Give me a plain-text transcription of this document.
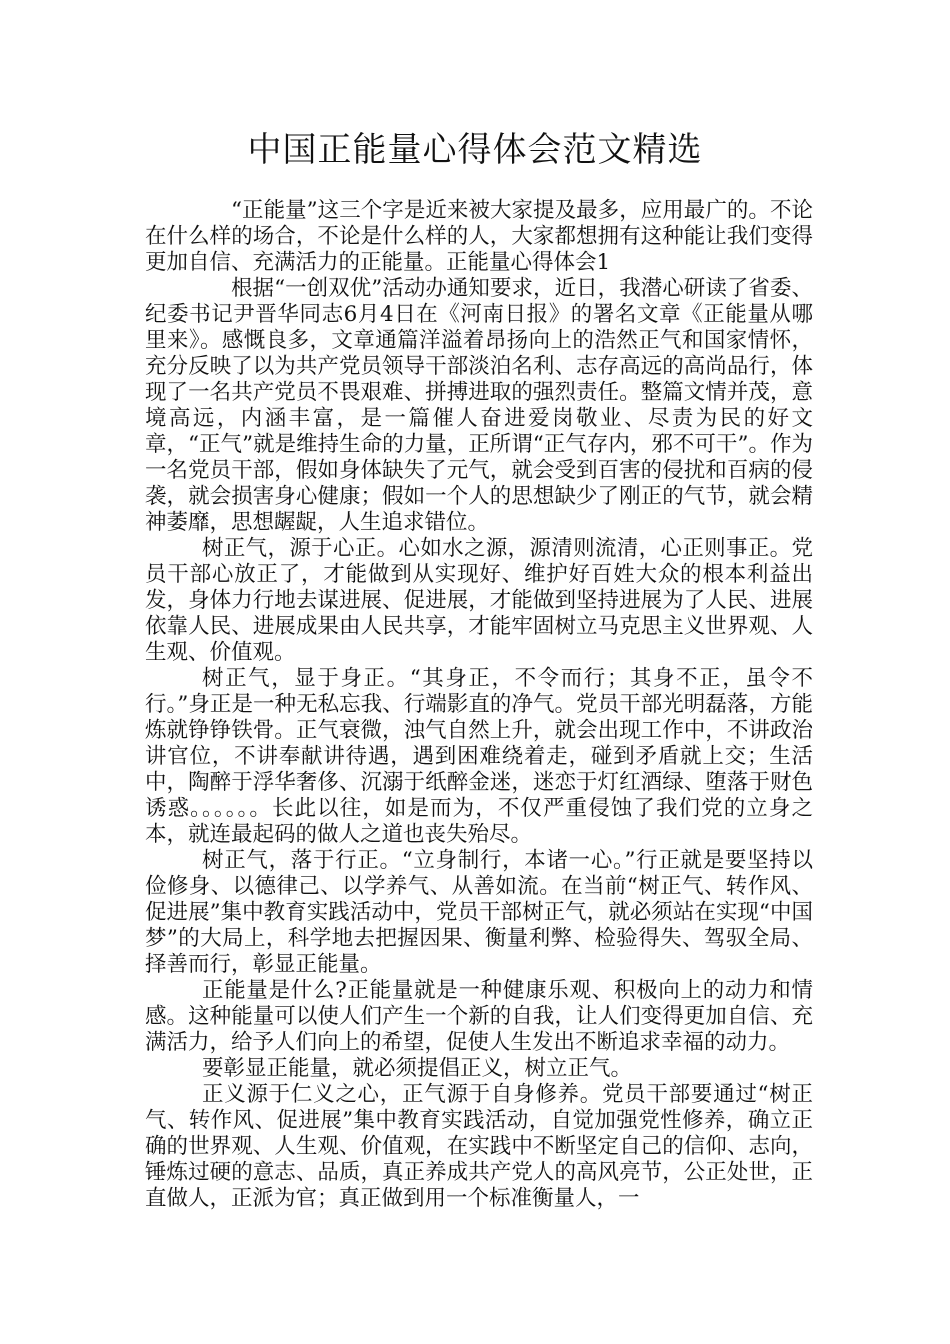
中国正能量心得体会范文精选

“正能量”这三个字是近来被大家提及最多，应用最广的。不论在什么样的场合，不论是什么样的人，大家都想拥有这种能让我们变得更加自信、充满活力的正能量。正能量心得体会1

根据“一创双优”活动办通知要求，近日，我潜心研读了省委、纪委书记尹晋华同志6月4日在《河南日报》的署名文章《正能量从哪里来》。感慨良多，文章通篇洋溢着昂扬向上的浩然正气和国家情怀，充分反映了以为共产党员领导干部淡泊名利、志存高远的高尚品行，体现了一名共产党员不畏艰难、拼搏进取的强烈责任。整篇文情并茂，意境高远，内涵丰富，是一篇催人奋进爱岗敬业、尽责为民的好文章，“正气”就是维持生命的力量，正所谓“正气存内，邪不可干”。作为一名党员干部，假如身体缺失了元气，就会受到百害的侵扰和百病的侵袭，就会损害身心健康；假如一个人的思想缺少了刚正的气节，就会精神萎靡，思想龌龊，人生追求错位。

树正气，源于心正。心如水之源，源清则流清，心正则事正。党员干部心放正了，才能做到从实现好、维护好百姓大众的根本利益出发，身体力行地去谋进展、促进展，才能做到坚持进展为了人民、进展依靠人民、进展成果由人民共享，才能牢固树立马克思主义世界观、人生观、价值观。

树正气，显于身正。“其身正，不令而行；其身不正，虽令不行。”身正是一种无私忘我、行端影直的净气。党员干部光明磊落，方能炼就铮铮铁骨。正气衰微，浊气自然上升，就会出现工作中，不讲政治讲官位，不讲奉献讲待遇，遇到困难绕着走，碰到矛盾就上交；生活中，陶醉于浮华奢侈、沉溺于纸醉金迷，迷恋于灯红酒绿、堕落于财色诱惑。。。。。。长此以往，如是而为，不仅严重侵蚀了我们党的立身之本，就连最起码的做人之道也丧失殆尽。

树正气，落于行正。“立身制行，本诸一心。”行正就是要坚持以俭修身、以德律己、以学养气、从善如流。在当前“树正气、转作风、促进展”集中教育实践活动中，党员干部树正气，就必须站在实现“中国梦”的大局上，科学地去把握因果、衡量利弊、检验得失、驾驭全局、择善而行，彰显正能量。

正能量是什么?正能量就是一种健康乐观、积极向上的动力和情感。这种能量可以使人们产生一个新的自我，让人们变得更加自信、充满活力，给予人们向上的希望，促使人生发出不断追求幸福的动力。

要彰显正能量，就必须提倡正义，树立正气。

正义源于仁义之心，正气源于自身修养。党员干部要通过“树正气、转作风、促进展”集中教育实践活动，自觉加强党性修养，确立正确的世界观、人生观、价值观，在实践中不断坚定自己的信仰、志向，锤炼过硬的意志、品质，真正养成共产党人的高风亮节，公正处世，正直做人，正派为官；真正做到用一个标准衡量人，一
